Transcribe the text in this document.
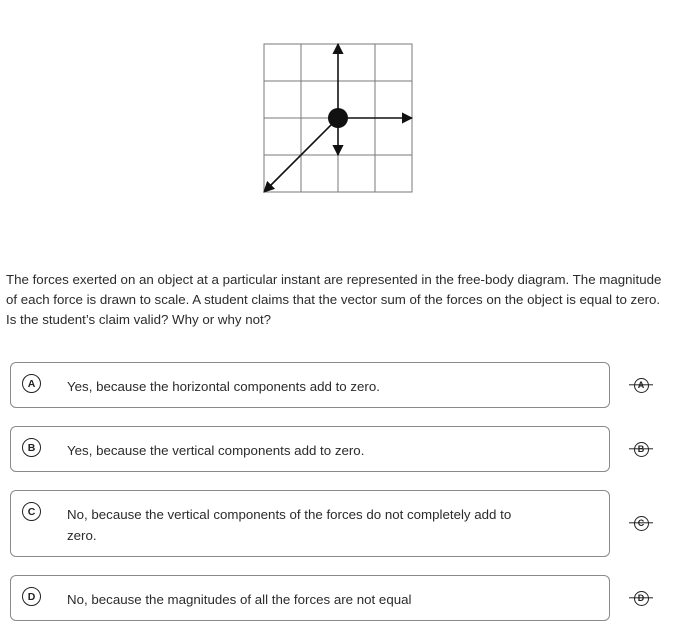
The forces exerted on an object at a particular instant are represented in the free-body diagram. The magnitude of each force is drawn to scale. A student claims that the vector sum of the forces on the object is equal to zero. Is the student’s claim valid? Why or why not?

A	Yes, because the horizontal components add to zero.
B	Yes, because the vertical components add to zero.
C	No, because the vertical components of the forces do not completely add to zero.
D	No, because the magnitudes of all the forces are not equal
